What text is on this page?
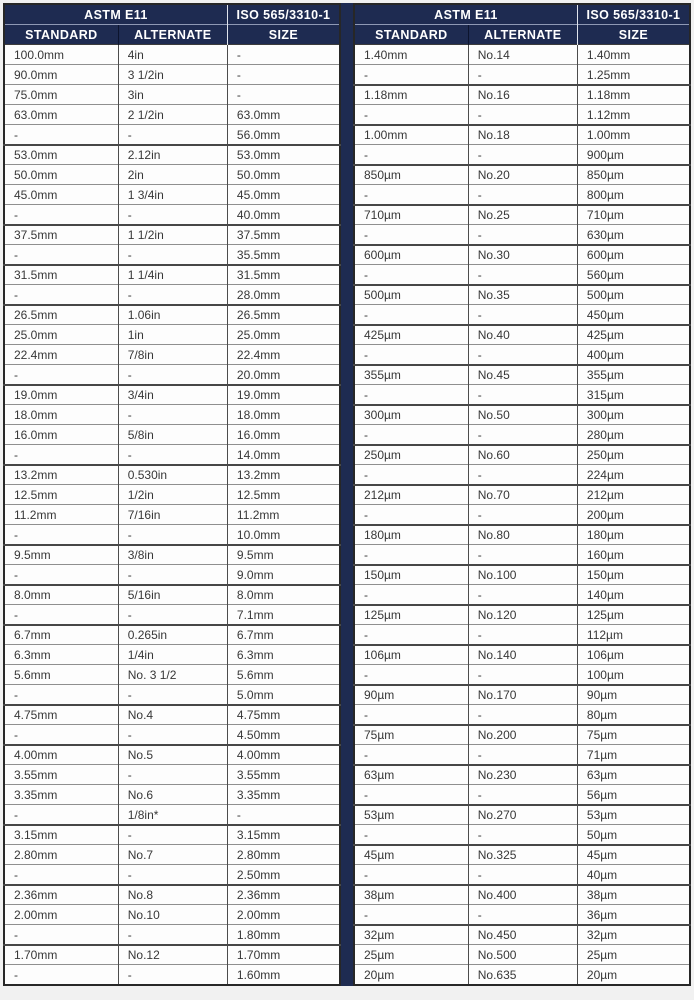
ASTM E11		ISO 565/3310-1
STANDARD	ALTERNATE	SIZE
100.0mm	4in	-
90.0mm	3 1/2in	-
75.0mm	3in	-
63.0mm	2 1/2in	63.0mm
-	-	56.0mm
53.0mm	2.12in	53.0mm
50.0mm	2in	50.0mm
45.0mm	1 3/4in	45.0mm
-	-	40.0mm
37.5mm	1 1/2in	37.5mm
-	-	35.5mm
31.5mm	1 1/4in	31.5mm
-	-	28.0mm
26.5mm	1.06in	26.5mm
25.0mm	1in	25.0mm
22.4mm	7/8in	22.4mm
-	-	20.0mm
19.0mm	3/4in	19.0mm
18.0mm	-	18.0mm
16.0mm	5/8in	16.0mm
-	-	14.0mm
13.2mm	0.530in	13.2mm
12.5mm	1/2in	12.5mm
11.2mm	7/16in	11.2mm
-	-	10.0mm
9.5mm	3/8in	9.5mm
-	-	9.0mm
8.0mm	5/16in	8.0mm
-	-	7.1mm
6.7mm	0.265in	6.7mm
6.3mm	1/4in	6.3mm
5.6mm	No. 3 1/2	5.6mm
-	-	5.0mm
4.75mm	No.4	4.75mm
-	-	4.50mm
4.00mm	No.5	4.00mm
3.55mm	-	3.55mm
3.35mm	No.6	3.35mm
-	1/8in*	-
3.15mm	-	3.15mm
2.80mm	No.7	2.80mm
-	-	2.50mm
2.36mm	No.8	2.36mm
2.00mm	No.10	2.00mm
-	-	1.80mm
1.70mm	No.12	1.70mm
-	-	1.60mm
ASTM E11		ISO 565/3310-1
STANDARD	ALTERNATE	SIZE
1.40mm	No.14	1.40mm
-	-	1.25mm
1.18mm	No.16	1.18mm
-	-	1.12mm
1.00mm	No.18	1.00mm
-	-	900µm
850µm	No.20	850µm
-	-	800µm
710µm	No.25	710µm
-	-	630µm
600µm	No.30	600µm
-	-	560µm
500µm	No.35	500µm
-	-	450µm
425µm	No.40	425µm
-	-	400µm
355µm	No.45	355µm
-	-	315µm
300µm	No.50	300µm
-	-	280µm
250µm	No.60	250µm
-	-	224µm
212µm	No.70	212µm
-	-	200µm
180µm	No.80	180µm
-	-	160µm
150µm	No.100	150µm
-	-	140µm
125µm	No.120	125µm
-	-	112µm
106µm	No.140	106µm
-	-	100µm
90µm	No.170	90µm
-	-	80µm
75µm	No.200	75µm
-	-	71µm
63µm	No.230	63µm
-	-	56µm
53µm	No.270	53µm
-	-	50µm
45µm	No.325	45µm
-	-	40µm
38µm	No.400	38µm
-	-	36µm
32µm	No.450	32µm
25µm	No.500	25µm
20µm	No.635	20µm
